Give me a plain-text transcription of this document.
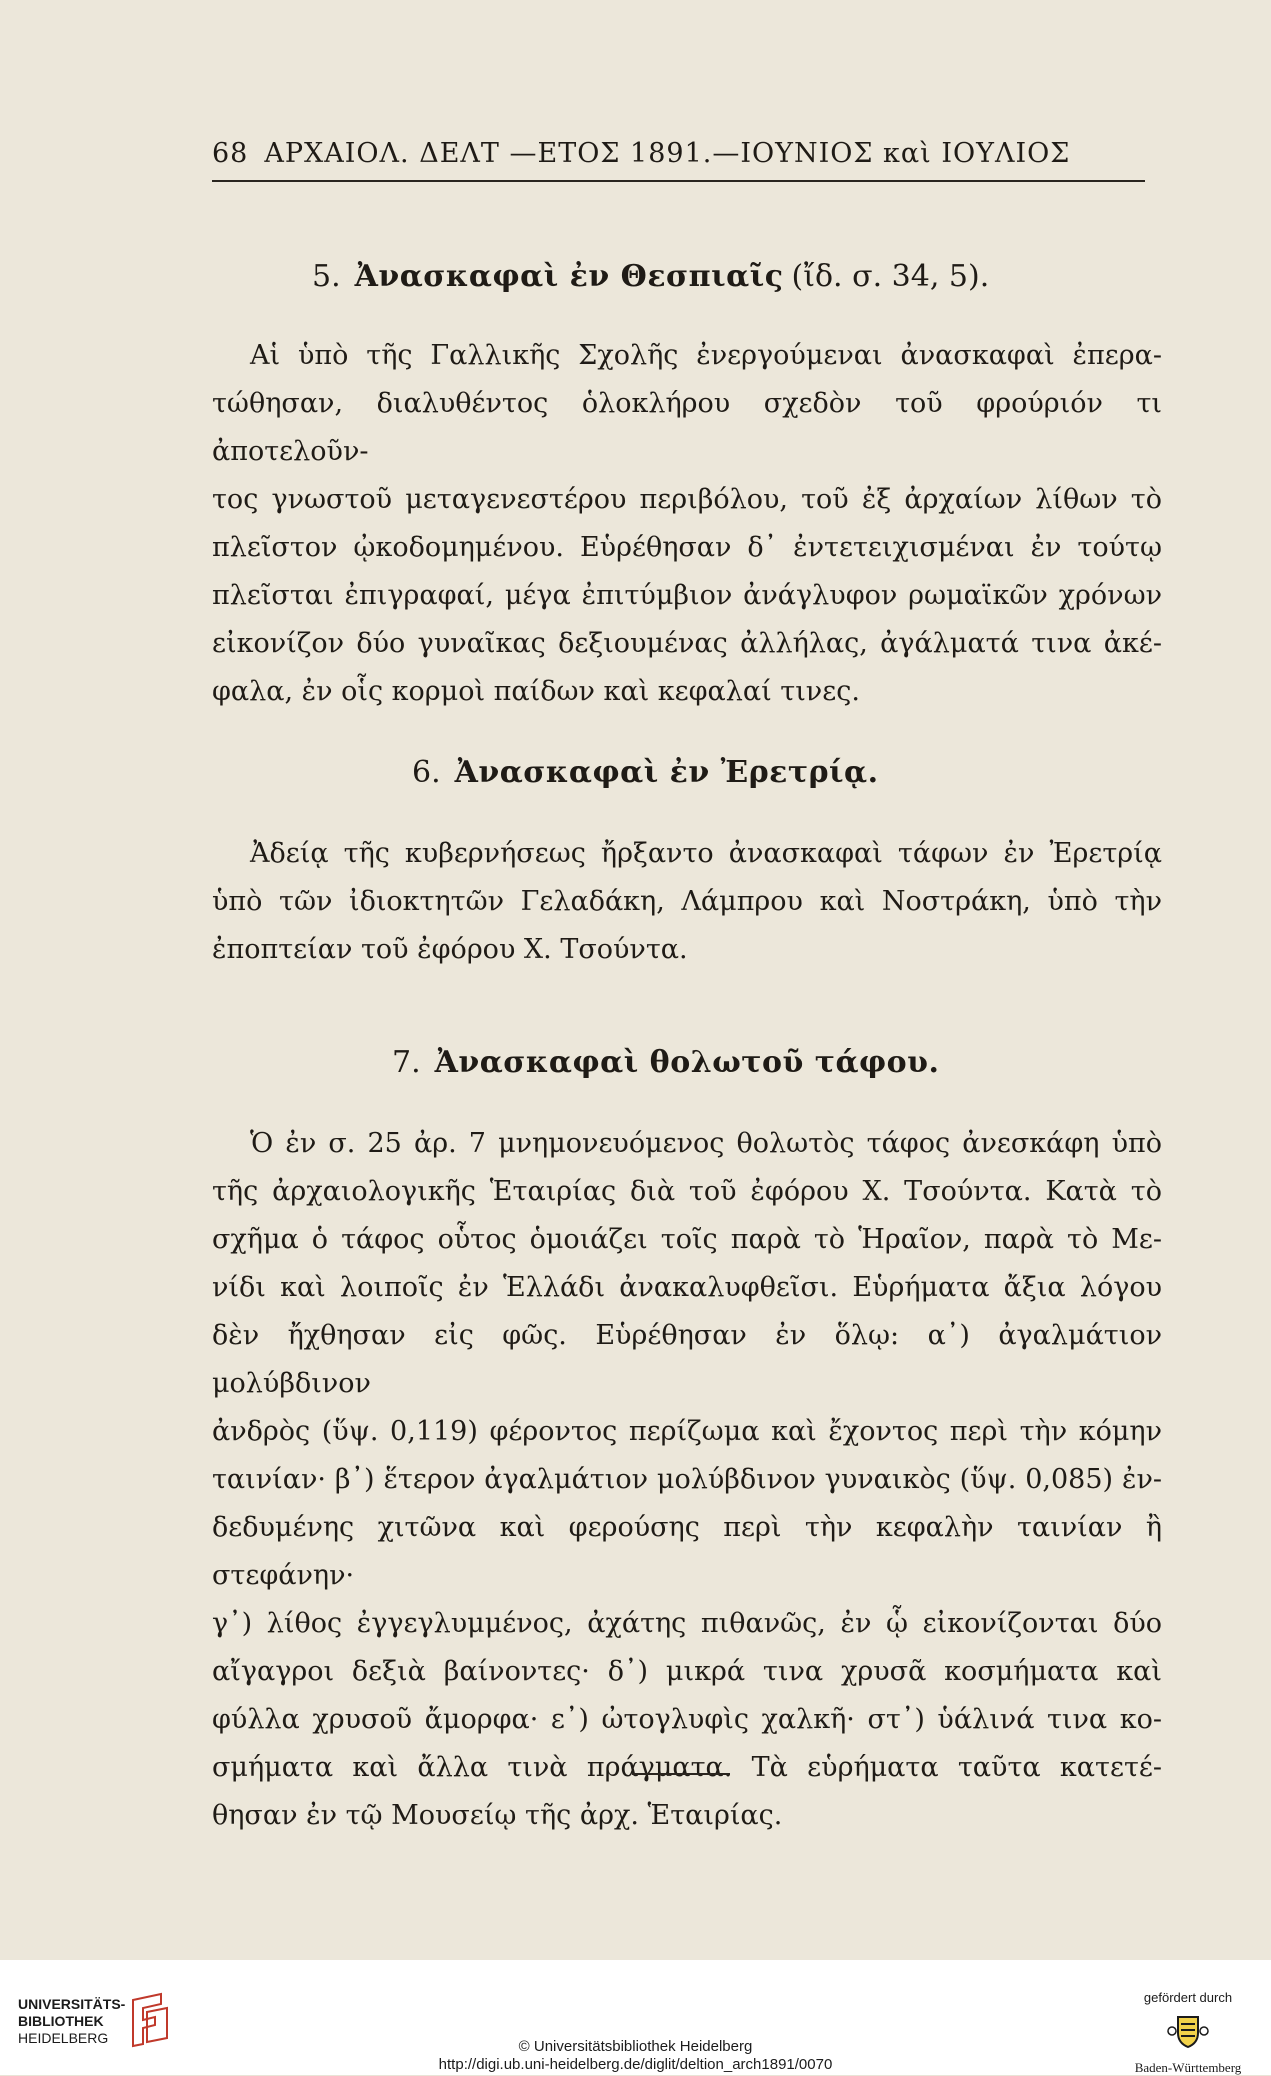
68 ΑΡΧΑΙΟΛ. ΔΕΛΤ —ΕΤΟΣ 1891.—ΙΟΥΝΙΟΣ καὶ ΙΟΥΛΙΟΣ
5. Ἀνασκαφαὶ ἐν Θεσπιαῖς (ἴδ. σ. 34, 5).
Αἱ ὑπὸ τῆς Γαλλικῆς Σχολῆς ἐνεργούμεναι ἀνασκαφαὶ ἐπερα-
τώθησαν, διαλυθέντος ὁλοκλήρου σχεδὸν τοῦ φρούριόν τι ἀποτελοῦν-
τος γνωστοῦ μεταγενεστέρου περιβόλου, τοῦ ἐξ ἀρχαίων λίθων τὸ
πλεῖστον ᾠκοδομημένου. Εὑρέθησαν δ᾿ ἐντετειχισμέναι ἐν τούτῳ
πλεῖσται ἐπιγραφαί, μέγα ἐπιτύμβιον ἀνάγλυφον ρωμαϊκῶν χρόνων
εἰκονίζον δύο γυναῖκας δεξιουμένας ἀλλήλας, ἀγάλματά τινα ἀκέ-
φαλα, ἐν οἷς κορμοὶ παίδων καὶ κεφαλαί τινες.
6. Ἀνασκαφαὶ ἐν Ἐρετρίᾳ.
Ἀδείᾳ τῆς κυβερνήσεως ἤρξαντο ἀνασκαφαὶ τάφων ἐν Ἐρετρίᾳ
ὑπὸ τῶν ἰδιοκτητῶν Γελαδάκη, Λάμπρου καὶ Νοστράκη, ὑπὸ τὴν
ἐποπτείαν τοῦ ἐφόρου Χ. Τσούντα.
7. Ἀνασκαφαὶ θολωτοῦ τάφου.
Ὁ ἐν σ. 25 ἀρ. 7 μνημονευόμενος θολωτὸς τάφος ἀνεσκάφη ὑπὸ
τῆς ἀρχαιολογικῆς Ἑταιρίας διὰ τοῦ ἐφόρου Χ. Τσούντα. Κατὰ τὸ
σχῆμα ὁ τάφος οὗτος ὁμοιάζει τοῖς παρὰ τὸ Ἡραῖον, παρὰ τὸ Με-
νίδι καὶ λοιποῖς ἐν Ἑλλάδι ἀνακαλυφθεῖσι. Εὑρήματα ἄξια λόγου
δὲν ἤχθησαν εἰς φῶς. Εὑρέθησαν ἐν ὅλῳ: α᾿) ἀγαλμάτιον μολύβδινον
ἀνδρὸς (ὕψ. 0,119) φέροντος περίζωμα καὶ ἔχοντος περὶ τὴν κόμην
ταινίαν· β᾿) ἕτερον ἀγαλμάτιον μολύβδινον γυναικὸς (ὕψ. 0,085) ἐν-
δεδυμένης χιτῶνα καὶ φερούσης περὶ τὴν κεφαλὴν ταινίαν ἢ στεφάνην·
γ᾿) λίθος ἐγγεγλυμμένος, ἀχάτης πιθανῶς, ἐν ᾧ εἰκονίζονται δύο
αἴγαγροι δεξιὰ βαίνοντες· δ᾿) μικρά τινα χρυσᾶ κοσμήματα καὶ
φύλλα χρυσοῦ ἄμορφα· ε᾿) ὠτογλυφὶς χαλκῆ· στ᾿) ὑάλινά τινα κο-
σμήματα καὶ ἄλλα τινὰ πράγματα. Τὰ εὑρήματα ταῦτα κατετέ-
θησαν ἐν τῷ Μουσείῳ τῆς ἀρχ. Ἑταιρίας.
UNIVERSITÄTS-
BIBLIOTHEK
HEIDELBERG	© Universitätsbibliothek Heidelberg
http://digi.ub.uni-heidelberg.de/diglit/deltion_arch1891/0070
gefördert durch
Baden-Württemberg
